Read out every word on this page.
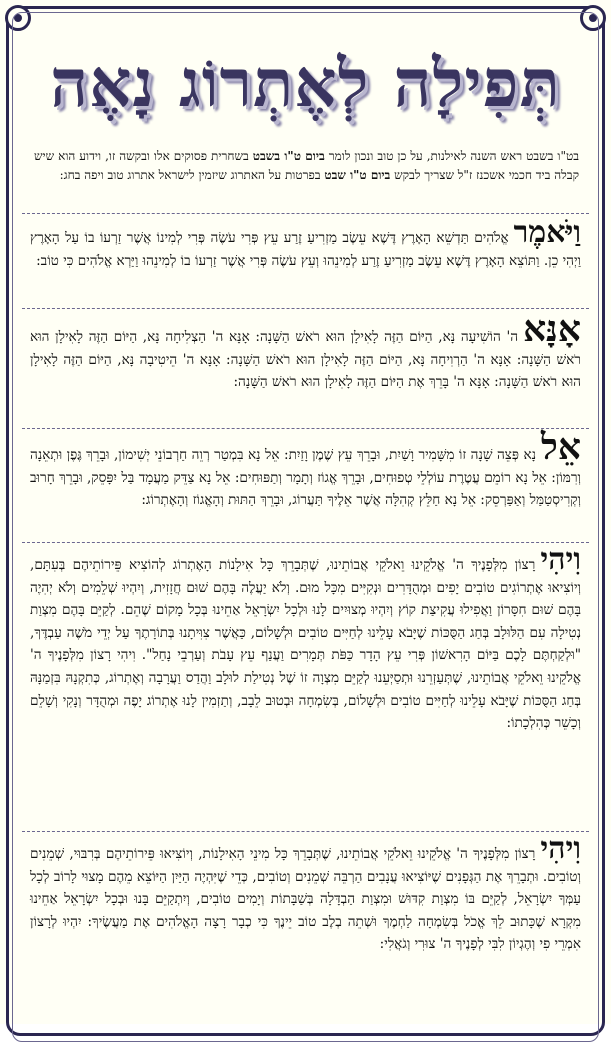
תְּפִילָה לְאֶתְרוֹג נָאֶה
בט"ו בשבט ראש השנה לאילנות, על כן טוב ונכון לומר ביום ט"ו בשבט בשחרית פסוקים אלו ובקשה זו, וידוע הוא שיש קבלה ביד חכמי אשכנז ז"ל שצריך לבקש ביום ט"ו שבט בפרטות על האתרוג שיזמין לישראל אתרוג טוב ויפה בחג:
וַיֹּאמֶראֱלֹהִים תַּדְשֵׁא הָאָרֶץ דֶּשֶׁא עֵשֶׂב מַזְרִיעַ זֶרַע עֵץ פְּרִי עֹשֶׂה פְּרִי לְמִינוֹ אֲשֶׁר זַרְעוֹ בוֹ עַל הָאָרֶץ וַיְהִי כֵן. וַתּוֹצֵא הָאָרֶץ דֶּשֶׁא עֵשֶׂב מַזְרִיעַ זֶרַע לְמִינֵהוּ וְעֵץ עֹשֶׂה פְּרִי אֲשֶׁר זַרְעוֹ בוֹ לְמִינֵהוּ וַיַּרְא אֱלֹהִים כִּי טוֹב:
אָנָּאה' הוֹשִׁיעָה נָּא, הַיּוֹם הַזֶּה לָאִילָן הוּא רֹאשׁ הַשָּׁנָה: אָנָּא ה' הַצְלִיחָה נָּא, הַיּוֹם הַזֶּה לָאִילָן הוּא רֹאשׁ הַשָּׁנָה: אָנָּא ה' הַרְוִיחָה נָּא, הַיּוֹם הַזֶּה לָאִילָן הוּא רֹאשׁ הַשָּׁנָה: אָנָּא ה' הֵיטִיבָה נָּא, הַיּוֹם הַזֶּה לָאִילָן הוּא רֹאשׁ הַשָּׁנָה: אָנָּא ה' בָּרֵךְ אֶת הַיּוֹם הַזֶּה לָאִילָן הוּא רֹאשׁ הַשָּׁנָה:
אֵלנָא פְּצֵה שָׁנָה זוֹ מִשָּׁמִיר וָשַׁיִת, וּבָרֵךְ עֵץ שֶׁמֶן וָזַיִת: אֵל נָא בִּמְטַר רְוֵה חַרְבוֹנֵי יְשִׁימוֹן, וּבָרֵךְ גֶּפֶן וּתְאֵנָה וְרִמּוֹן: אֵל נָא רוֹמֵם עֲטֶרֶת עוֹלְלֵי טְפוּחִים, וּבָרֵךְ אֱגוֹז וְתָמָר וְתַפּוּחִים: אֵל נָא צַדֵּק מַעֲמָד בַּל יִפָּסֵק, וּבָרֵךְ חָרוּב וְקְרִיסְטַמַּל וְאַפַּרְסֵק: אֵל נָא חַלֵּץ קְהִלָּה אֲשֶׁר אֵלֶיךָ תַּעֲרוֹג, וּבָרֵךְ הַתּוּת וְהָאֱגוֹז וְהָאֶתְרוֹג:
וִיהִירָצוֹן מִלְּפָנֶיךָ ה' אֱלֹקֵינוּ וֵאלֹקֵי אֲבוֹתֵינוּ, שֶׁתְּבָרֵךְ כָּל אִילָנוֹת הָאֶתְרוֹג לְהוֹצִיא פֵּירוֹתֵיהֶם בְּעִתָּם, וְיוֹצִיאוּ אֶתְרוֹגִים טוֹבִים יָפִים וּמְהֻדָּרִים וּנְקִיִּים מִכָּל מוּם. וְלֹא יַעֲלֶה בָּהֶם שׁוּם חֲזָזִית, וְיִהְיוּ שְׁלֵמִים וְלֹא יְהִיֶה בָּהֶם שׁוּם חִסָּרוֹן וַאֲפִילוּ עֲקִיצַת קוֹץ וְיִהְיוּ מְצוּיִים לָנוּ וּלְכָל יִשְׂרָאֵל אַחֵינוּ בְּכָל מָקוֹם שֶׁהֵם. לְקַיֵּם בָּהֶם מִצְוַת נְטִילָה עִם הַלּוּלָב בְּחַג הַסֻּכּוֹת שֶׁיָּבֹא עָלֵינוּ לְחַיִּים טוֹבִים וּלְשָׁלוֹם, כַּאֲשֶׁר צִוִּיתָנוּ בְּתוֹרָתֶךָ עַל יְדֵי מֹשֶׁה עַבְדֶּךָ, "וּלְקַחְתֶּם לָכֶם בַּיּוֹם הָרִאשׁוֹן פְּרִי עֵץ הָדָר כַּפֹּת תְּמָרִים וַעֲנַף עֵץ עָבֹת וְעַרְבֵי נָחַל". וִיהִי רָצוֹן מִלְּפָנֶיךָ ה' אֱלֹקֵינוּ וֵאלֹקֵי אֲבוֹתֵינוּ, שֶׁתְּעַזְרֵנוּ וּתְסַיְּעֵנוּ לְקַיֵּם מִצְוָה זוֹ שֶׁל נְטִילַת לוּלָב וַהֲדַס וַעֲרָבָה וְאֶתְרוֹג, כְּתִקְנָהּ בִּזְמַנָּהּ בְּחַג הַסֻּכּוֹת שֶׁיָּבֹא עָלֵינוּ לְחַיִּים טוֹבִים וּלְשָׁלוֹם, בְּשִׂמְחָה וּבְטוּב לֵבָב, וְתַזְמִין לָנוּ אֶתְרוֹג יָפֶה וּמְהֻדָּר וְנָקִי וְשָׁלֵם וְכָשֵׁר כְּהִלְכָתוֹ:
וִיהִירָצוֹן מִלְּפָנֶיךָ ה' אֱלֹקֵינוּ וֵאלֹקֵי אֲבוֹתֵינוּ, שֶׁתְּבָרֵךְ כָּל מִינֵי הָאִילָנוֹת, וְיוֹצִיאוּ פֵּירוֹתֵיהֶם בְּרִבּוּי, שְׁמֵנִים וְטוֹבִים. וּתְבָרֵךְ אֶת הַגְּפָנִים שֶׁיּוֹצִיאוּ עֲנָבִים הַרְבֵּה שְׁמֵנִים וְטוֹבִים, כְּדֵי שֶׁיִּהְיֶה הַיַּיִן הַיּוֹצֵא מֵהֶם מָצוּי לָרוֹב לְכָל עַמְּךָ יִשְׂרָאֵל, לְקַיֵּם בּוֹ מִצְוַת קִדּוּשׁ וּמִצְוַת הַבְדָּלָה בְּשַׁבָּתוֹת וְיָמִים טוֹבִים, וְיִתְקַיֵּם בָּנוּ וּבְכָל יִשְׂרָאֵל אַחֵינוּ מִקְרָא שֶׁכָּתוּב לֵךְ אֱכֹל בְּשִׂמְחָה לַחְמֶךָ וּשְׁתֵה בְלֶב טוֹב יֵינֶךָ כִּי כְבָר רָצָה הָאֱלֹהִים אֶת מַעֲשֶׂיךָ: יִהְיוּ לְרָצוֹן אִמְרֵי פִי וְהֶגְיוֹן לִבִּי לְפָנֶיךָ ה' צוּרִי וְגֹאֲלִי:
